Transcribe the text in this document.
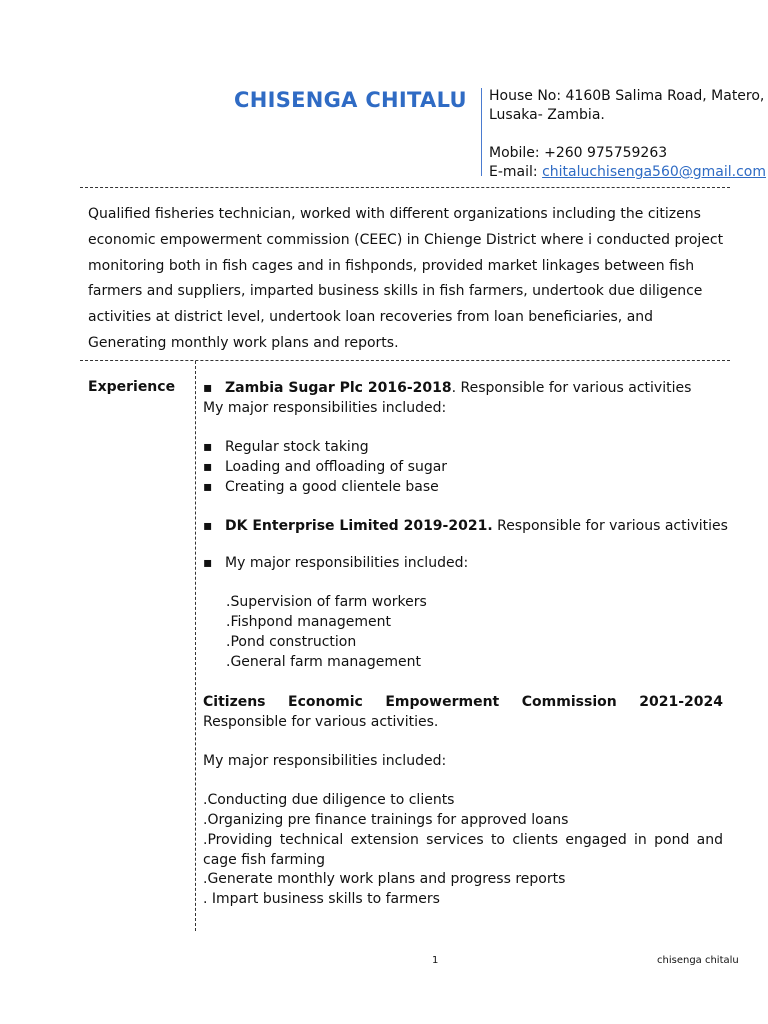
CHISENGA CHITALU House No: 4160B Salima Road, Matero,
Lusaka- Zambia.
Mobile: +260 975759263
E-mail: chitaluchisenga560@gmail.com
Qualified fisheries technician, worked with different organizations including the citizens economic empowerment commission (CEEC) in Chienge District where i conducted project monitoring both in fish cages and in fishponds, provided market linkages between fish farmers and suppliers, imparted business skills in fish farmers, undertook due diligence activities at district level, undertook loan recoveries from loan beneficiaries, and Generating monthly work plans and reports.
Experience ▪ Zambia Sugar Plc 2016-2018. Responsible for various activities
My major responsibilities included:
▪ Regular stock taking
▪ Loading and offloading of sugar
▪ Creating a good clientele base
▪ DK Enterprise Limited 2019-2021. Responsible for various activities
▪ My major responsibilities included:
.Supervision of farm workers
.Fishpond management
.Pond construction
.General farm management
Citizens Economic Empowerment Commission 2021-2024 Responsible for various activities.
My major responsibilities included:
.Conducting due diligence to clients
.Organizing pre finance trainings for approved loans
.Providing technical extension services to clients engaged in pond and cage fish farming
.Generate monthly work plans and progress reports
. Impart business skills to farmers
1	chisenga chitalu
